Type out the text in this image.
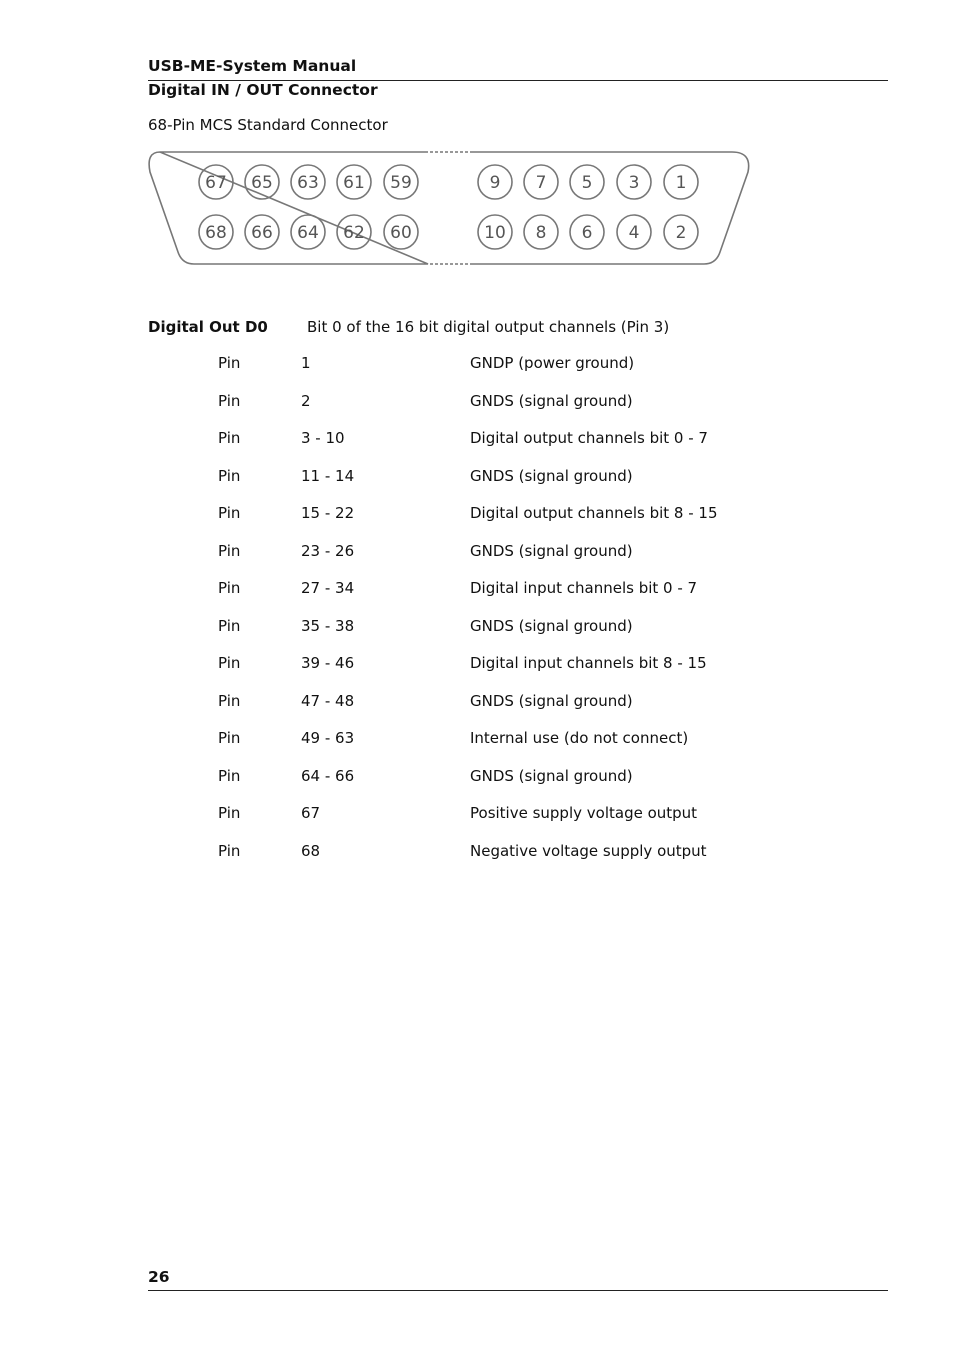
USB-ME-System Manual
Digital IN / OUT Connector
68-Pin MCS Standard Connector
67 65 63 61 59
68 66 64 62 60
9 7 5 3 1
10 8 6 4 2
Digital Out D0	Bit 0 of the 16 bit digital output channels (Pin 3)
Pin	1	GNDP (power ground)
Pin	2	GNDS (signal ground)
Pin	3 - 10	Digital output channels bit 0 - 7
Pin	11 - 14	GNDS (signal ground)
Pin	15 - 22	Digital output channels bit 8 - 15
Pin	23 - 26	GNDS (signal ground)
Pin	27 - 34	Digital input channels bit 0 - 7
Pin	35 - 38	GNDS (signal ground)
Pin	39 - 46	Digital input channels bit 8 - 15
Pin	47 - 48	GNDS (signal ground)
Pin	49 - 63	Internal use (do not connect)
Pin	64 - 66	GNDS (signal ground)
Pin	67	Positive supply voltage output
Pin	68	Negative voltage supply output
26
